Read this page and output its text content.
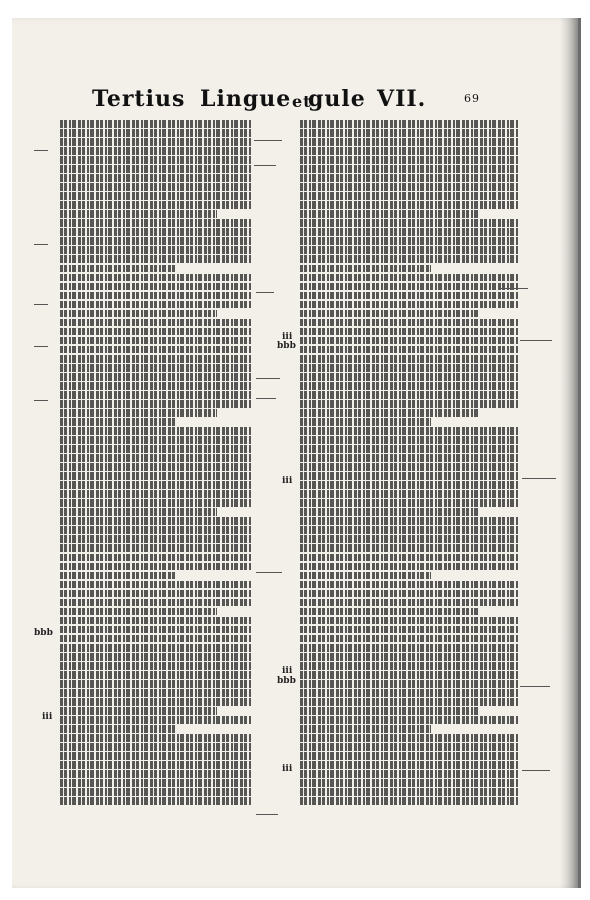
Tertius Lingue et
gule VII.	69
bbb
iii
iii
bbb
iii
iii
bbb
iii
